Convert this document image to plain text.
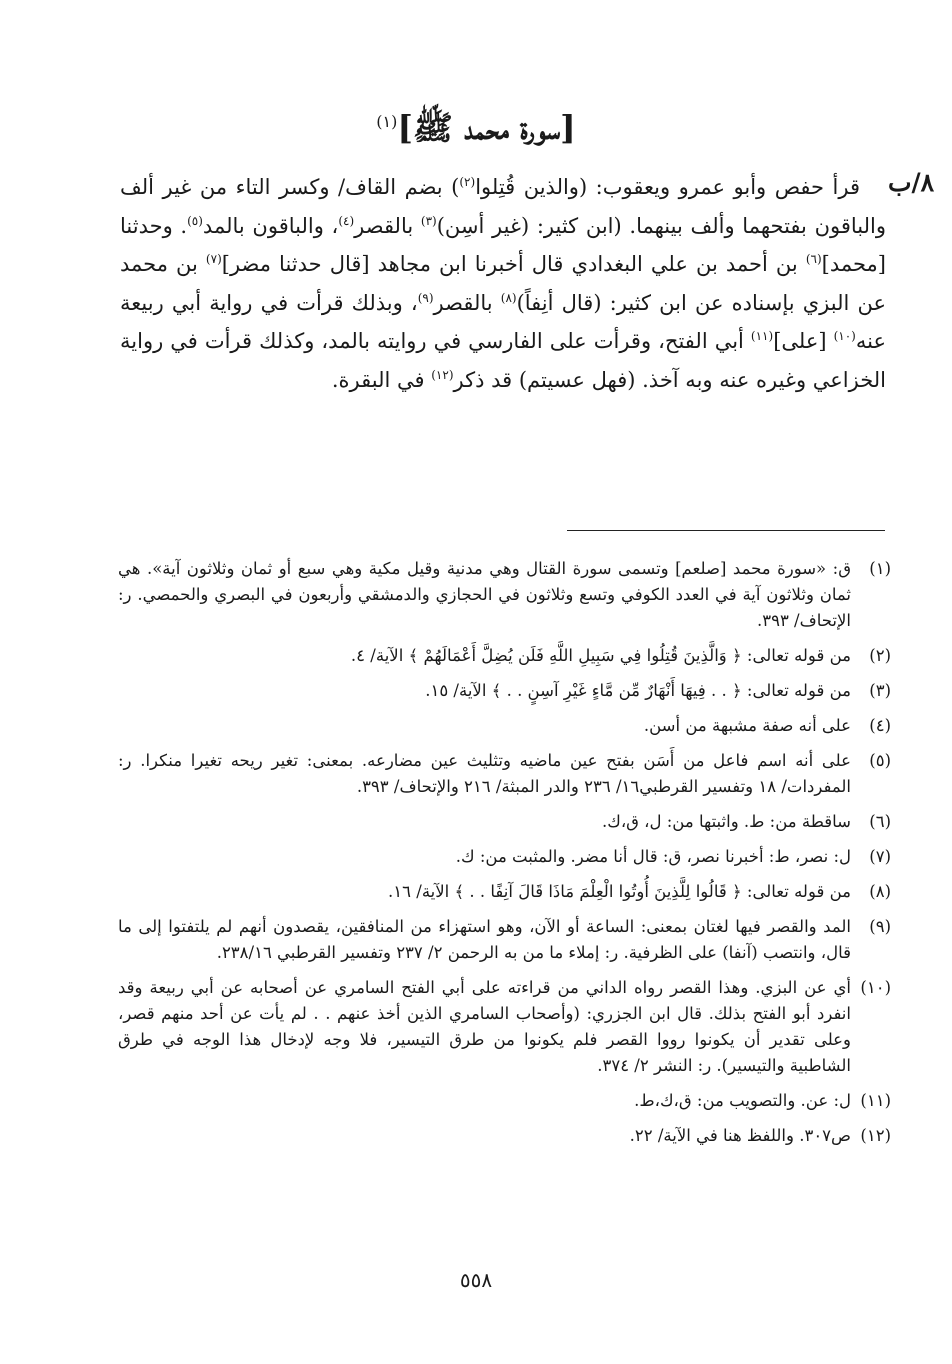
[سورة محمد ﷺ]$^{(١)}$
٨/ب

قرأ حفص وأبو عمرو ويعقوب: (والذين قُتِلوا$^{(٢)}$) بضم القاف/ وكسر التاء من غير ألف والباقون بفتحهما وألف بينهما. (ابن كثير: (غير أسِن)$^{(٣)}$ بالقصر$^{(٤)}$، والباقون بالمد$^{(٥)}$. وحدثنا [محمد]$^{(٦)}$ بن أحمد بن علي البغدادي قال أخبرنا ابن مجاهد [قال حدثنا مضر]$^{(٧)}$ بن محمد عن البزي بإسناده عن ابن كثير: (قال أنِفاً)$^{(٨)}$ بالقصر$^{(٩)}$، وبذلك قرأت في رواية أبي ربيعة عنه$^{(١٠)}$ [على]$^{(١١)}$ أبي الفتح، وقرأت على الفارسي في روايته بالمد، وكذلك قرأت في رواية الخزاعي وغيره عنه وبه آخذ. (فهل عسيتم) قد ذكر$^{(١٢)}$ في البقرة.

(١)
ق: «سورة محمد [صلعم] وتسمى سورة القتال وهي مدنية وقيل مكية وهي سبع أو ثمان وثلاثون آية». هي ثمان وثلاثون آية في العدد الكوفي وتسع وثلاثون في الحجازي والدمشقي وأربعون في البصري والحمصي. ر: الإتحاف/ ٣٩٣.
(٢)
من قوله تعالى: ﴿ وَالَّذِينَ قُتِلُوا فِي سَبِيلِ اللَّهِ فَلَن يُضِلَّ أَعْمَالَهُمْ ﴾ الآية/ ٤.
(٣)
من قوله تعالى: ﴿ . . فِيهَا أَنْهَارٌ مِّن مَّاءٍ غَيْرِ آسِنٍ . . ﴾ الآية/ ١٥.
(٤)
على أنه صفة مشبهة من أسن.
(٥)
على أنه اسم فاعل من أَسَن بفتح عين ماضيه وتثليث عين مضارعه. بمعنى: تغير ريحه تغيرا منكرا. ر: المفردات/ ١٨ وتفسير القرطبي١٦/ ٢٣٦ والدر المبثة/ ٢١٦ والإتحاف/ ٣٩٣.
(٦)
ساقطة من: ط. واثبتها من: ل، ق،ك.
(٧)
ل: نصر، ط: أخبرنا نصر، ق: قال أنا مضر. والمثبت من: ك.
(٨)
من قوله تعالى: ﴿ قَالُوا لِلَّذِينَ أُوتُوا الْعِلْمَ مَاذَا قَالَ آنِفًا . . ﴾ الآية/ ١٦.
(٩)
المد والقصر فيها لغتان بمعنى: الساعة أو الآن، وهو استهزاء من المنافقين، يقصدون أنهم لم يلتفتوا إلى ما قال، وانتصب (آنفا) على الظرفية. ر: إملاء ما من به الرحمن ٢/ ٢٣٧ وتفسير القرطبي ٢٣٨/١٦.
(١٠)
أي عن البزي. وهذا القصر رواه الداني من قراءته على أبي الفتح السامري عن أصحابه عن أبي ربيعة وقد انفرد أبو الفتح بذلك. قال ابن الجزري: (وأصحاب السامري الذين أخذ عنهم . . لم يأت عن أحد منهم قصر، وعلى تقدير أن يكونوا رووا القصر فلم يكونوا من طرق التيسير، فلا وجه لإدخال هذا الوجه في طرق الشاطبية والتيسير). ر: النشر ٢/ ٣٧٤.
(١١)
ل: عن. والتصويب من: ق،ك،ط.
(١٢)
ص٣٠٧. واللفظ هنا في الآية/ ٢٢.
٥٥٨
